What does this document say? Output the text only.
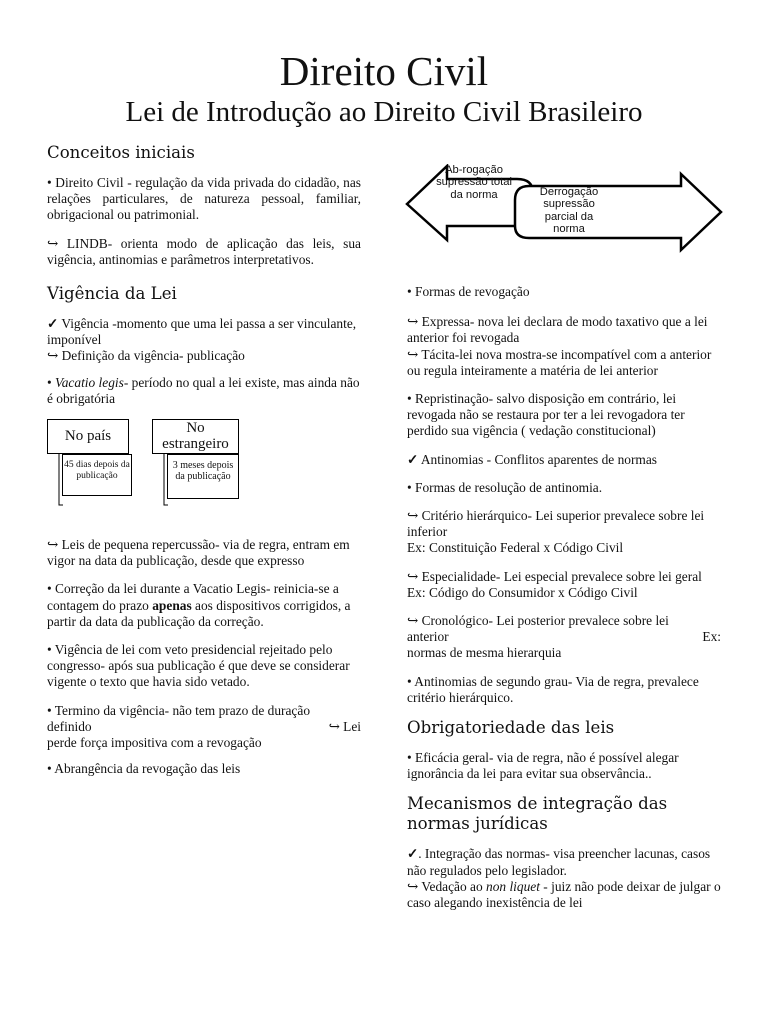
Direito Civil
Lei de Introdução ao Direito Civil Brasileiro
Conceitos iniciais

• Direito Civil - regulação da vida privada do cidadão, nas relações particulares, de natureza pessoal, familiar, obrigacional ou patrimonial.

↪ LINDB- orienta modo de aplicação das leis, sua vigência, antinomias e parâmetros interpretativos.

Vigência da Lei

✓ Vigência -momento que uma lei passa a ser vinculante, imponível
↪ Definição da vigência- publicação

• Vacatio legis- período no qual a lei existe, mas ainda não é obrigatória

No país
45 dias depois da publicação
No estrangeiro
3 meses depois da publicação

↪ Leis de pequena repercussão- via de regra, entram em vigor na data da publicação, desde que expresso

• Correção da lei durante a Vacatio Legis- reinicia-se a contagem do prazo apenas aos dispositivos corrigidos, a partir da data da publicação da correção.

• Vigência de lei com veto presidencial rejeitado pelo congresso- após sua publicação é que deve se considerar vigente o texto que havia sido vetado.

• Termino da vigência- não tem prazo de duração

definido	↪ Lei
perde força impositiva com a revogação

• Abrangência da revogação das leis

Ab-rogação supressão total da norma	Derrogação supressão parcial da norma

• Formas de revogação

↪ Expressa- nova lei declara de modo taxativo que a lei anterior foi revogada
↪ Tácita-lei nova mostra-se incompatível com a anterior ou regula inteiramente a matéria de lei anterior

• Repristinação- salvo disposição em contrário, lei revogada não se restaura por ter a lei revogadora ter perdido sua vigência ( vedação constitucional)

✓ Antinomias - Conflitos aparentes de normas

• Formas de resolução de antinomia.

↪ Critério hierárquico- Lei superior prevalece sobre lei inferior
Ex: Constituição Federal x Código Civil

↪ Especialidade- Lei especial prevalece sobre lei geral Ex: Código do Consumidor x Código Civil

↪ Cronológico- Lei posterior prevalece sobre lei

anterior	Ex:
normas de mesma hierarquia

• Antinomias de segundo grau- Via de regra, prevalece critério hierárquico.

Obrigatoriedade das leis

• Eficácia geral- via de regra, não é possível alegar ignorância da lei para evitar sua observância..

Mecanismos de integração das normas jurídicas

✓. Integração das normas- visa preencher lacunas, casos não regulados pelo legislador.
↪ Vedação ao non liquet - juiz não pode deixar de julgar o caso alegando inexistência de lei
